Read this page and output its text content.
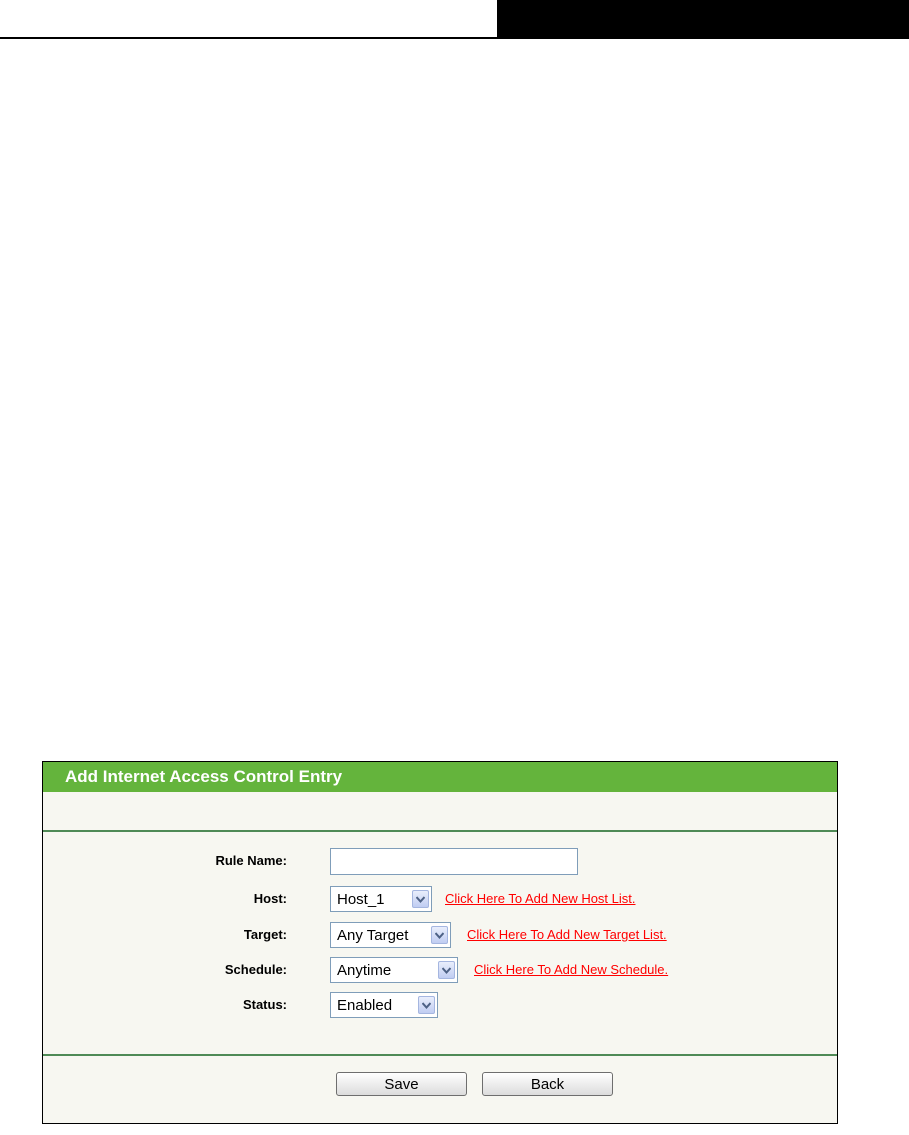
Add Internet Access Control Entry
Rule Name:
Host:	Host_1	Click Here To Add New Host List.
Target:	Any Target	Click Here To Add New Target List.
Schedule:	Anytime	Click Here To Add New Schedule.
Status:	Enabled
Save	Back
